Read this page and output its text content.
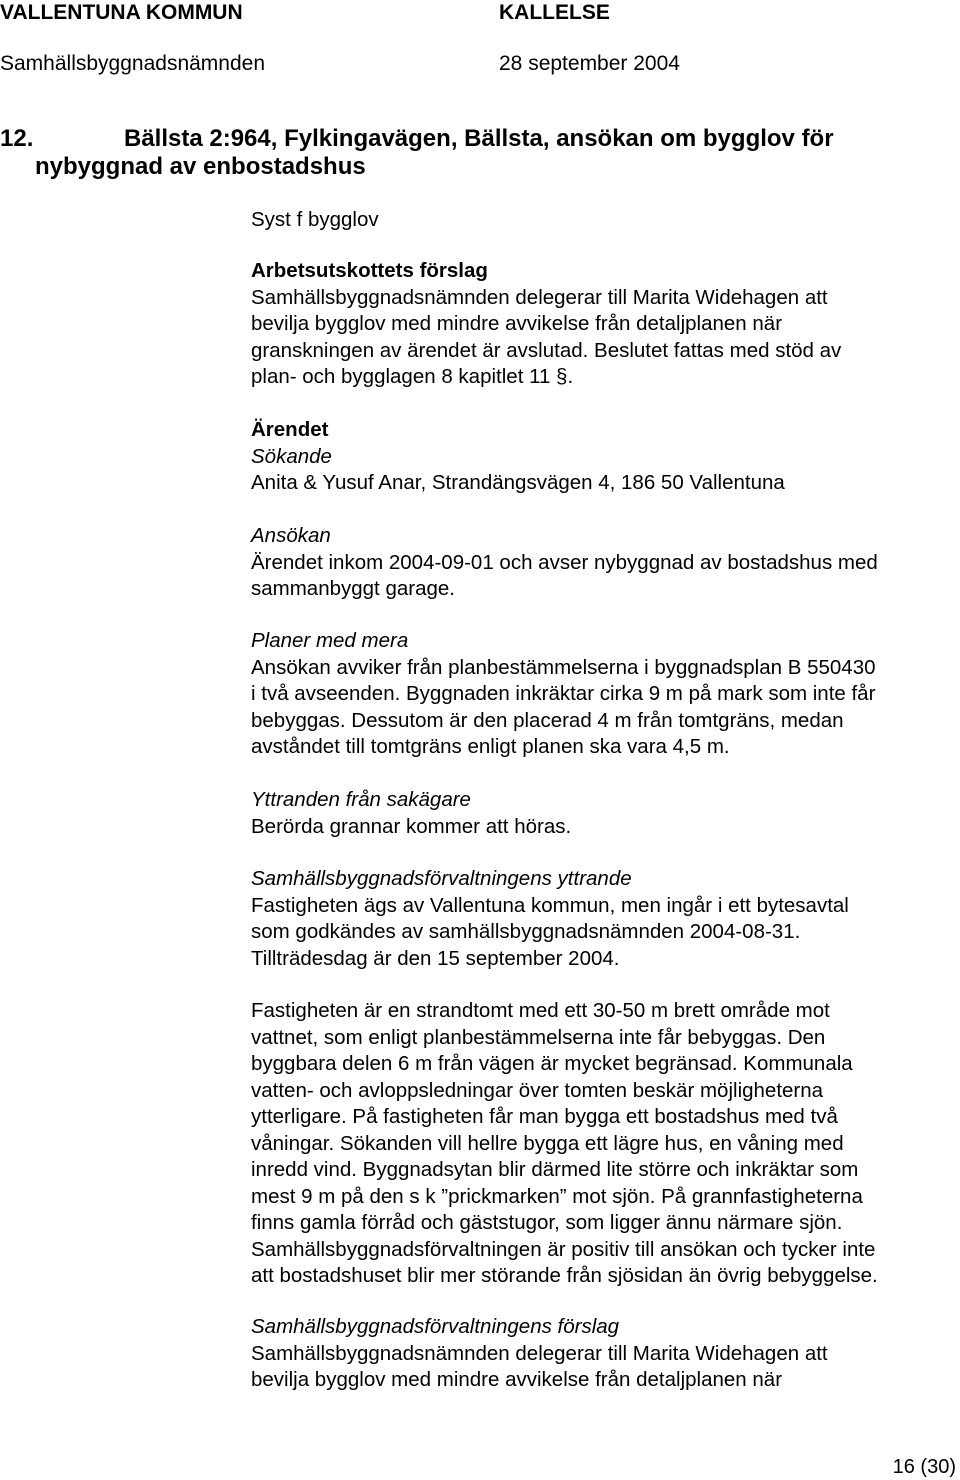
VALLENTUNA KOMMUN	KALLELSE
Samhällsbyggnadsnämnden	28 september 2004
12.	Bällsta 2:964, Fylkingavägen, Bällsta, ansökan om bygglov för
nybyggnad av enbostadshus
Syst f bygglov
Arbetsutskottets förslag
Samhällsbyggnadsnämnden delegerar till Marita Widehagen att
bevilja bygglov med mindre avvikelse från detaljplanen när
granskningen av ärendet är avslutad. Beslutet fattas med stöd av
plan- och bygglagen 8 kapitlet 11 §.
Ärendet
Sökande
Anita & Yusuf Anar, Strandängsvägen 4, 186 50 Vallentuna
Ansökan
Ärendet inkom 2004-09-01 och avser nybyggnad av bostadshus med
sammanbyggt garage.
Planer med mera
Ansökan avviker från planbestämmelserna i byggnadsplan B 550430
i två avseenden. Byggnaden inkräktar cirka 9 m på mark som inte får
bebyggas. Dessutom är den placerad 4 m från tomtgräns, medan
avståndet till tomtgräns enligt planen ska vara 4,5 m.
Yttranden från sakägare
Berörda grannar kommer att höras.
Samhällsbyggnadsförvaltningens yttrande
Fastigheten ägs av Vallentuna kommun, men ingår i ett bytesavtal
som godkändes av samhällsbyggnadsnämnden 2004-08-31.
Tillträdesdag är den 15 september 2004.
Fastigheten är en strandtomt med ett 30-50 m brett område mot
vattnet, som enligt planbestämmelserna inte får bebyggas. Den
byggbara delen 6 m från vägen är mycket begränsad. Kommunala
vatten- och avloppsledningar över tomten beskär möjligheterna
ytterligare. På fastigheten får man bygga ett bostadshus med två
våningar. Sökanden vill hellre bygga ett lägre hus, en våning med
inredd vind. Byggnadsytan blir därmed lite större och inkräktar som
mest 9 m på den s k ”prickmarken” mot sjön. På grannfastigheterna
finns gamla förråd och gäststugor, som ligger ännu närmare sjön.
Samhällsbyggnadsförvaltningen är positiv till ansökan och tycker inte
att bostadshuset blir mer störande från sjösidan än övrig bebyggelse.
Samhällsbyggnadsförvaltningens förslag
Samhällsbyggnadsnämnden delegerar till Marita Widehagen att
bevilja bygglov med mindre avvikelse från detaljplanen när
16 (30)
